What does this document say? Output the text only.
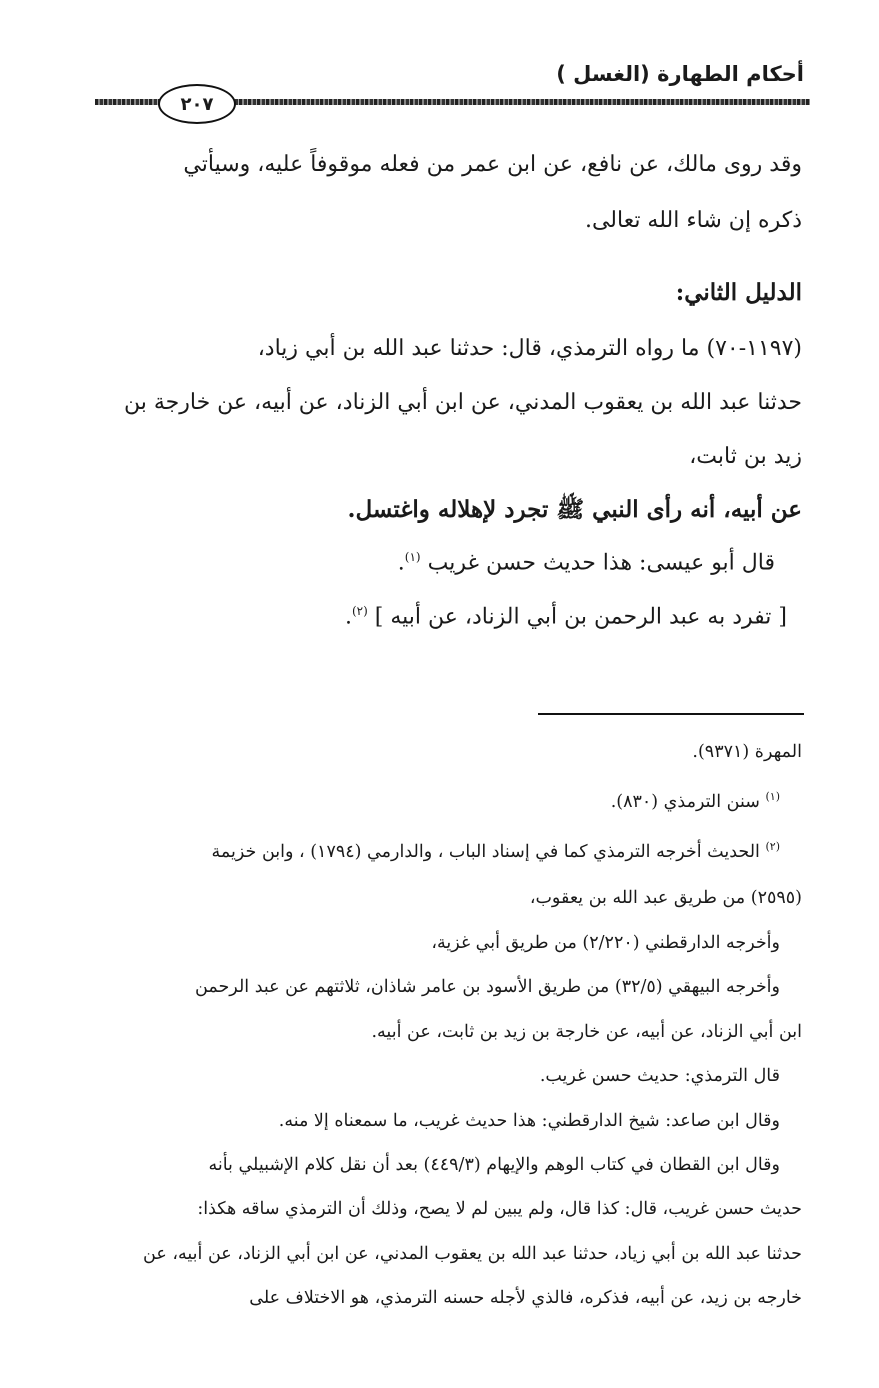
أحكام الطهارة (الغسل )
٢٠٧
وقد روى مالك، عن نافع، عن ابن عمر من فعله موقوفاً عليه، وسيأتي
ذكره إن شاء الله تعالى.
الدليل الثاني:
(١١٩٧-٧٠) ما رواه الترمذي، قال: حدثنا عبد الله بن أبي زياد،
حدثنا عبد الله بن يعقوب المدني، عن ابن أبي الزناد، عن أبيه، عن خارجة بن
زيد بن ثابت،
عن أبيه، أنه رأى النبي ﷺ تجرد لإهلاله واغتسل.
قال أبو عيسى: هذا حديث حسن غريب $^{(١)}$.
[ تفرد به عبد الرحمن بن أبي الزناد، عن أبيه ] $^{(٢)}$.
المهرة (٩٣٧١).
$^{(١)}$ سنن الترمذي (٨٣٠).
$^{(٢)}$ الحديث أخرجه الترمذي كما في إسناد الباب ، والدارمي (١٧٩٤) ، وابن خزيمة
(٢٥٩٥) من طريق عبد الله بن يعقوب،
وأخرجه الدارقطني (٢/٢٢٠) من طريق أبي غزية،
وأخرجه البيهقي (٣٢/٥) من طريق الأسود بن عامر شاذان، ثلاثتهم عن عبد الرحمن
ابن أبي الزناد، عن أبيه، عن خارجة بن زيد بن ثابت، عن أبيه.
قال الترمذي: حديث حسن غريب.
وقال ابن صاعد: شيخ الدارقطني: هذا حديث غريب، ما سمعناه إلا منه.
وقال ابن القطان في كتاب الوهم والإيهام (٤٤٩/٣) بعد أن نقل كلام الإشبيلي بأنه
حديث حسن غريب، قال: كذا قال، ولم يبين لم لا يصح، وذلك أن الترمذي ساقه هكذا:
حدثنا عبد الله بن أبي زياد، حدثنا عبد الله بن يعقوب المدني، عن ابن أبي الزناد، عن أبيه، عن
خارجه بن زيد، عن أبيه، فذكره، فالذي لأجله حسنه الترمذي، هو الاختلاف على
